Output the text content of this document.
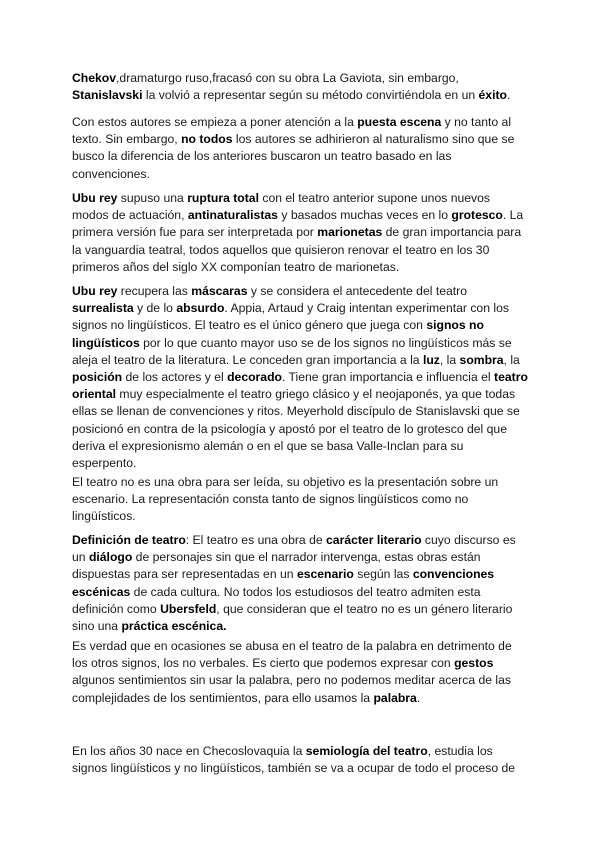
Chekov,dramaturgo ruso,fracasó con su obra La Gaviota, sin embargo, Stanislavski la volvió a representar según su método convirtiéndola en un éxito.

Con estos autores se empieza a poner atención a la puesta escena y no tanto al texto. Sin embargo, no todos los autores se adhirieron al naturalismo sino que se busco la diferencia de los anteriores buscaron un teatro basado en las convenciones.

Ubu rey supuso una ruptura total con el teatro anterior supone unos nuevos modos de actuación, antinaturalistas y basados muchas veces en lo grotesco. La primera versión fue para ser interpretada por marionetas de gran importancia para la vanguardia teatral, todos aquellos que quisieron renovar el teatro en los 30 primeros años del siglo XX componían teatro de marionetas.

Ubu rey recupera las máscaras y se considera el antecedente del teatro surrealista y de lo absurdo. Appia, Artaud y Craig intentan experimentar con los signos no lingüísticos. El teatro es el único género que juega con signos no lingüísticos por lo que cuanto mayor uso se de los signos no lingüísticos más se aleja el teatro de la literatura. Le conceden gran importancia a la luz, la sombra, la posición de los actores y el decorado. Tiene gran importancia e influencia el teatro oriental muy especialmente el teatro griego clásico y el neojaponés, ya que todas ellas se llenan de convenciones y ritos. Meyerhold discípulo de Stanislavski que se posicionó en contra de la psicología y apostó por el teatro de lo grotesco del que deriva el expresionismo alemán o en el que se basa Valle-Inclan para su esperpento.

El teatro no es una obra para ser leída, su objetivo es la presentación sobre un escenario. La representación consta tanto de signos lingüísticos como no lingüísticos.

Definición de teatro: El teatro es una obra de carácter literario cuyo discurso es un diálogo de personajes sin que el narrador intervenga, estas obras están dispuestas para ser representadas en un escenario según las convenciones escénicas de cada cultura. No todos los estudiosos del teatro admiten esta definición como Ubersfeld, que consideran que el teatro no es un género literario sino una práctica escénica.

Es verdad que en ocasiones se abusa en el teatro de la palabra en detrimento de los otros signos, los no verbales. Es cierto que podemos expresar con gestos algunos sentimientos sin usar la palabra, pero no podemos meditar acerca de las complejidades de los sentimientos, para ello usamos la palabra.

En los años 30 nace en Checoslovaquia la semiología del teatro, estudia los signos lingüísticos y no lingüísticos, también se va a ocupar de todo el proceso de
